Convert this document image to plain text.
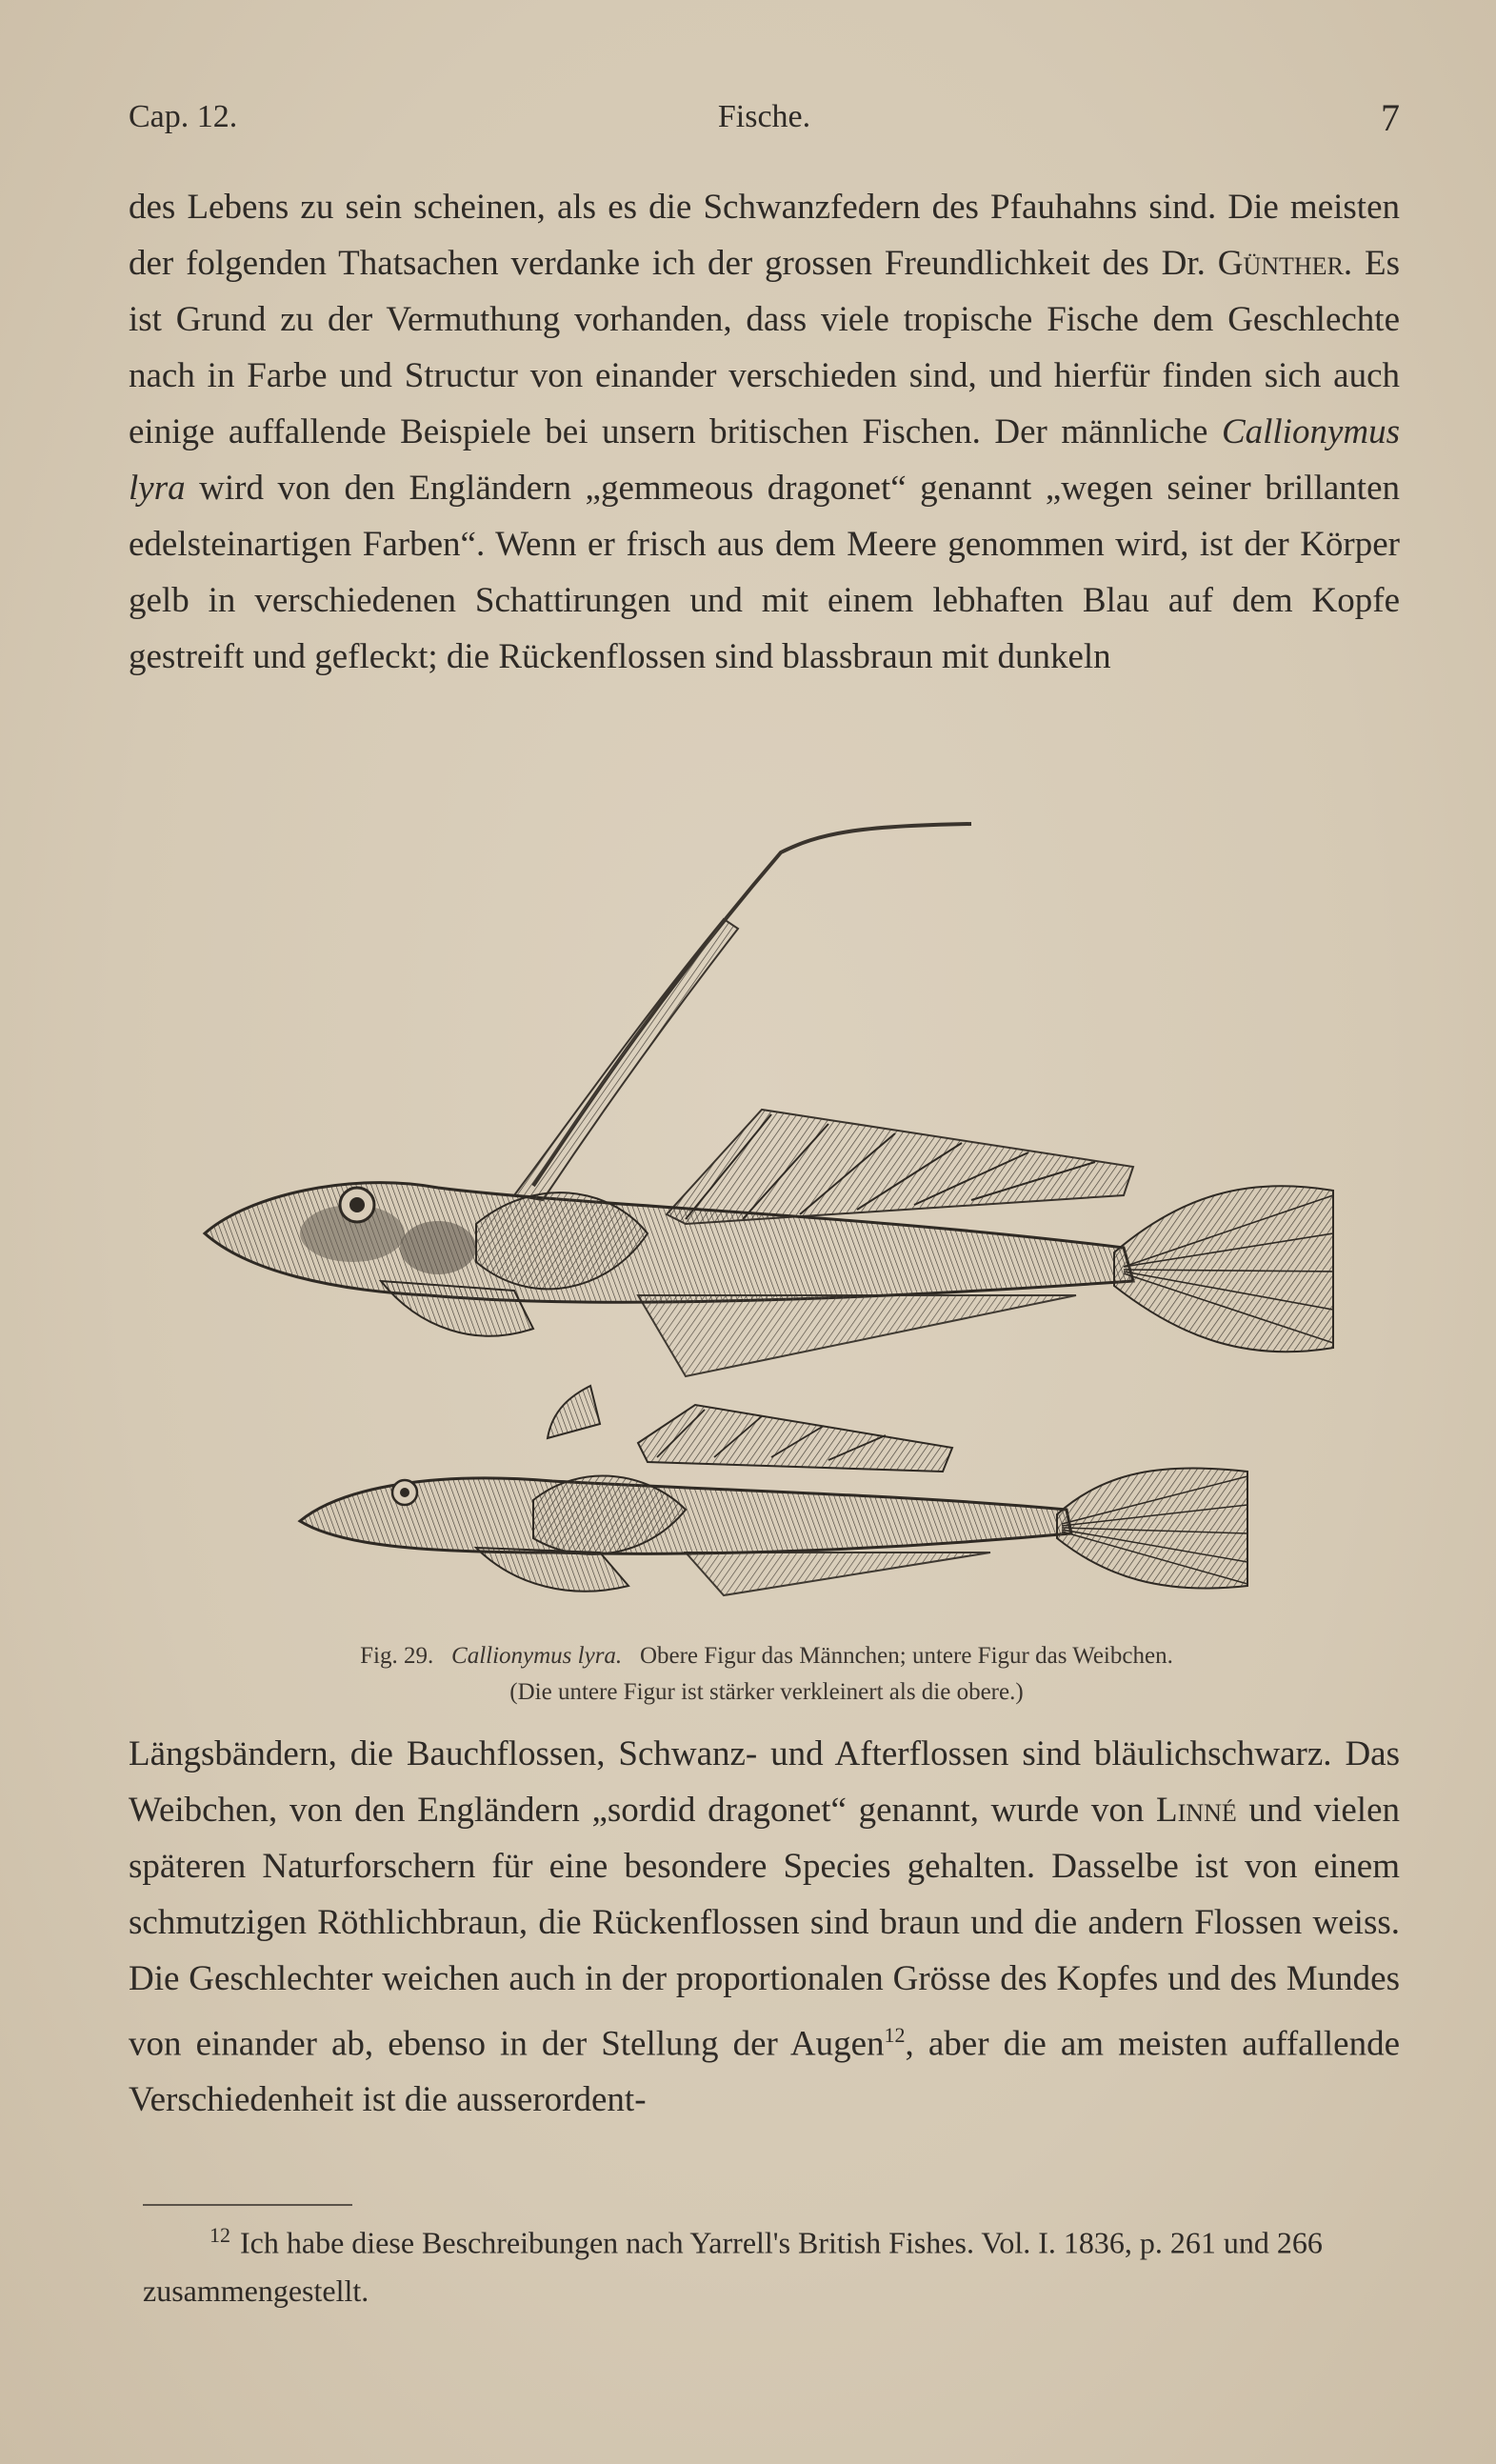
Cap. 12.	Fische.	7

des Lebens zu sein scheinen, als es die Schwanzfedern des Pfauhahns sind. Die meisten der folgenden Thatsachen verdanke ich der grossen Freundlichkeit des Dr. Günther. Es ist Grund zu der Vermuthung vorhanden, dass viele tropische Fische dem Geschlechte nach in Farbe und Structur von einander verschieden sind, und hierfür finden sich auch einige auffallende Beispiele bei unsern britischen Fischen. Der männliche Callionymus lyra wird von den Engländern „gemmeous dragonet“ genannt „wegen seiner brillanten edelsteinartigen Farben“. Wenn er frisch aus dem Meere genommen wird, ist der Körper gelb in verschiedenen Schattirungen und mit einem lebhaften Blau auf dem Kopfe gestreift und gefleckt; die Rückenflossen sind blassbraun mit dunkeln

Fig. 29. Callionymus lyra. Obere Figur das Männchen; untere Figur das Weibchen.
(Die untere Figur ist stärker verkleinert als die obere.)

Längsbändern, die Bauchflossen, Schwanz- und Afterflossen sind bläulichschwarz. Das Weibchen, von den Engländern „sordid dragonet“ genannt, wurde von Linné und vielen späteren Naturforschern für eine besondere Species gehalten. Dasselbe ist von einem schmutzigen Röthlichbraun, die Rückenflossen sind braun und die andern Flossen weiss. Die Geschlechter weichen auch in der proportionalen Grösse des Kopfes und des Mundes von einander ab, ebenso in der Stellung der Augen$^{12}$, aber die am meisten auffallende Verschiedenheit ist die ausserordent-

$^{12}$ Ich habe diese Beschreibungen nach Yarrell's British Fishes. Vol. I. 1836, p. 261 und 266 zusammengestellt.
